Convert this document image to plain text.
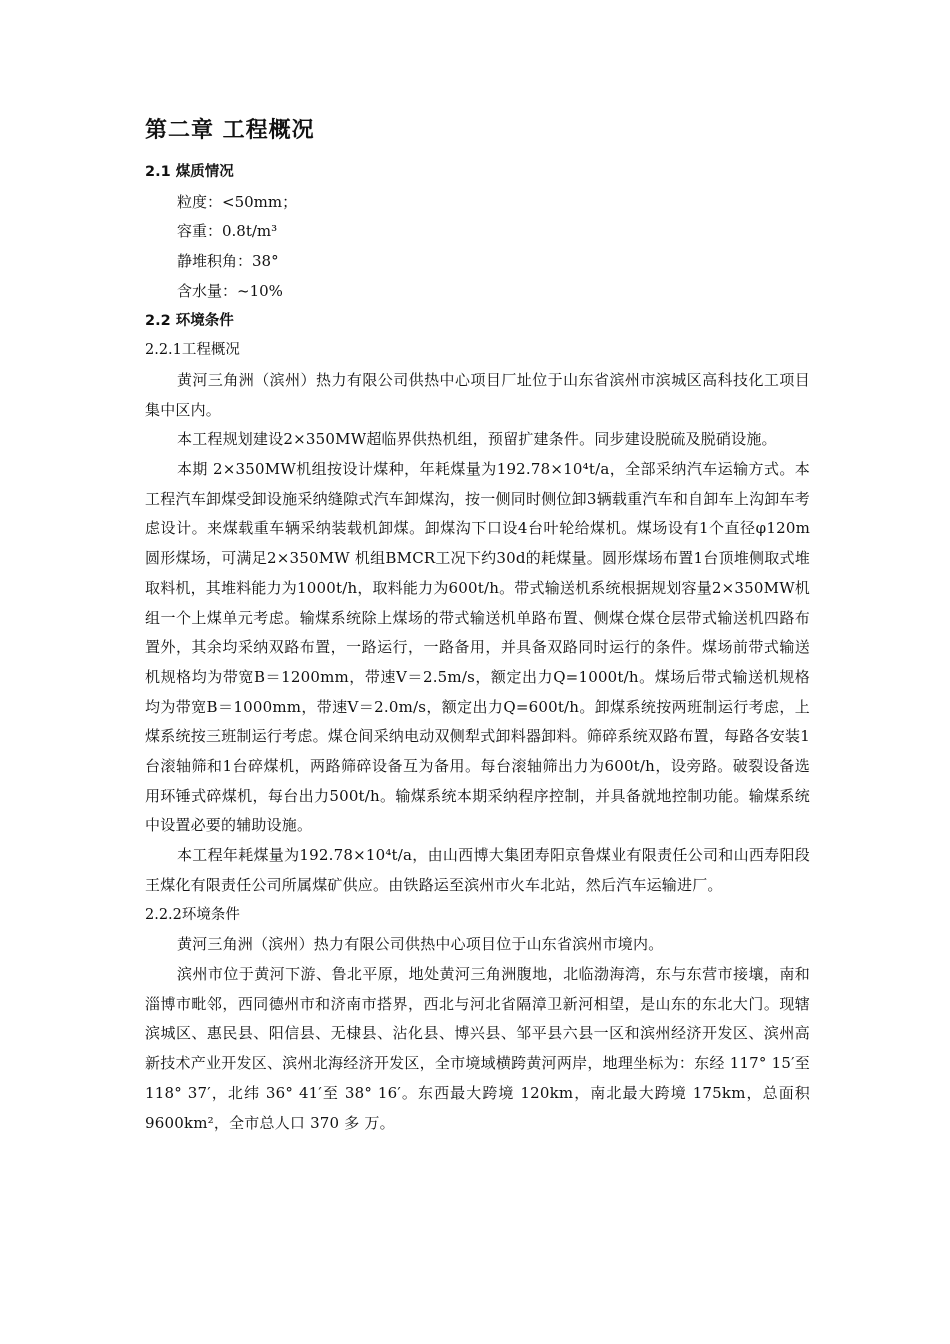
第二章 工程概况

2.1 煤质情况

粒度：<50mm；

容重：0.8t/m³

静堆积角：38°

含水量：~10%

2.2 环境条件

2.2.1工程概况

黄河三角洲（滨州）热力有限公司供热中心项目厂址位于山东省滨州市滨城区高科技化工项目集中区内。

本工程规划建设2×350MW超临界供热机组，预留扩建条件。同步建设脱硫及脱硝设施。

本期 2×350MW机组按设计煤种，年耗煤量为192.78×10⁴t/a，全部采纳汽车运输方式。本工程汽车卸煤受卸设施采纳缝隙式汽车卸煤沟，按一侧同时侧位卸3辆载重汽车和自卸车上沟卸车考虑设计。来煤载重车辆采纳装载机卸煤。卸煤沟下口设4台叶轮给煤机。煤场设有1个直径φ120m圆形煤场，可满足2×350MW 机组BMCR工况下约30d的耗煤量。圆形煤场布置1台顶堆侧取式堆取料机，其堆料能力为1000t/h，取料能力为600t/h。带式输送机系统根据规划容量2×350MW机组一个上煤单元考虑。输煤系统除上煤场的带式输送机单路布置、侧煤仓煤仓层带式输送机四路布置外，其余均采纳双路布置，一路运行，一路备用，并具备双路同时运行的条件。煤场前带式输送机规格均为带宽B＝1200mm，带速V＝2.5m/s，额定出力Q=1000t/h。煤场后带式输送机规格均为带宽B＝1000mm，带速V＝2.0m/s，额定出力Q=600t/h。卸煤系统按两班制运行考虑，上煤系统按三班制运行考虑。煤仓间采纳电动双侧犁式卸料器卸料。筛碎系统双路布置，每路各安装1台滚轴筛和1台碎煤机，两路筛碎设备互为备用。每台滚轴筛出力为600t/h，设旁路。破裂设备选用环锤式碎煤机，每台出力500t/h。输煤系统本期采纳程序控制，并具备就地控制功能。输煤系统中设置必要的辅助设施。

本工程年耗煤量为192.78×10⁴t/a，由山西博大集团寿阳京鲁煤业有限责任公司和山西寿阳段王煤化有限责任公司所属煤矿供应。由铁路运至滨州市火车北站，然后汽车运输进厂。

2.2.2环境条件

黄河三角洲（滨州）热力有限公司供热中心项目位于山东省滨州市境内。

滨州市位于黄河下游、鲁北平原，地处黄河三角洲腹地，北临渤海湾，东与东营市接壤，南和淄博市毗邻，西同德州市和济南市搭界，西北与河北省隔漳卫新河相望，是山东的东北大门。现辖滨城区、惠民县、阳信县、无棣县、沾化县、博兴县、邹平县六县一区和滨州经济开发区、滨州高新技术产业开发区、滨州北海经济开发区，全市境域横跨黄河两岸，地理坐标为：东经 117° 15′至 118° 37′，北纬 36° 41′至 38° 16′。东西最大跨境 120km，南北最大跨境 175km，总面积 9600km²，全市总人口 370 多 万。
